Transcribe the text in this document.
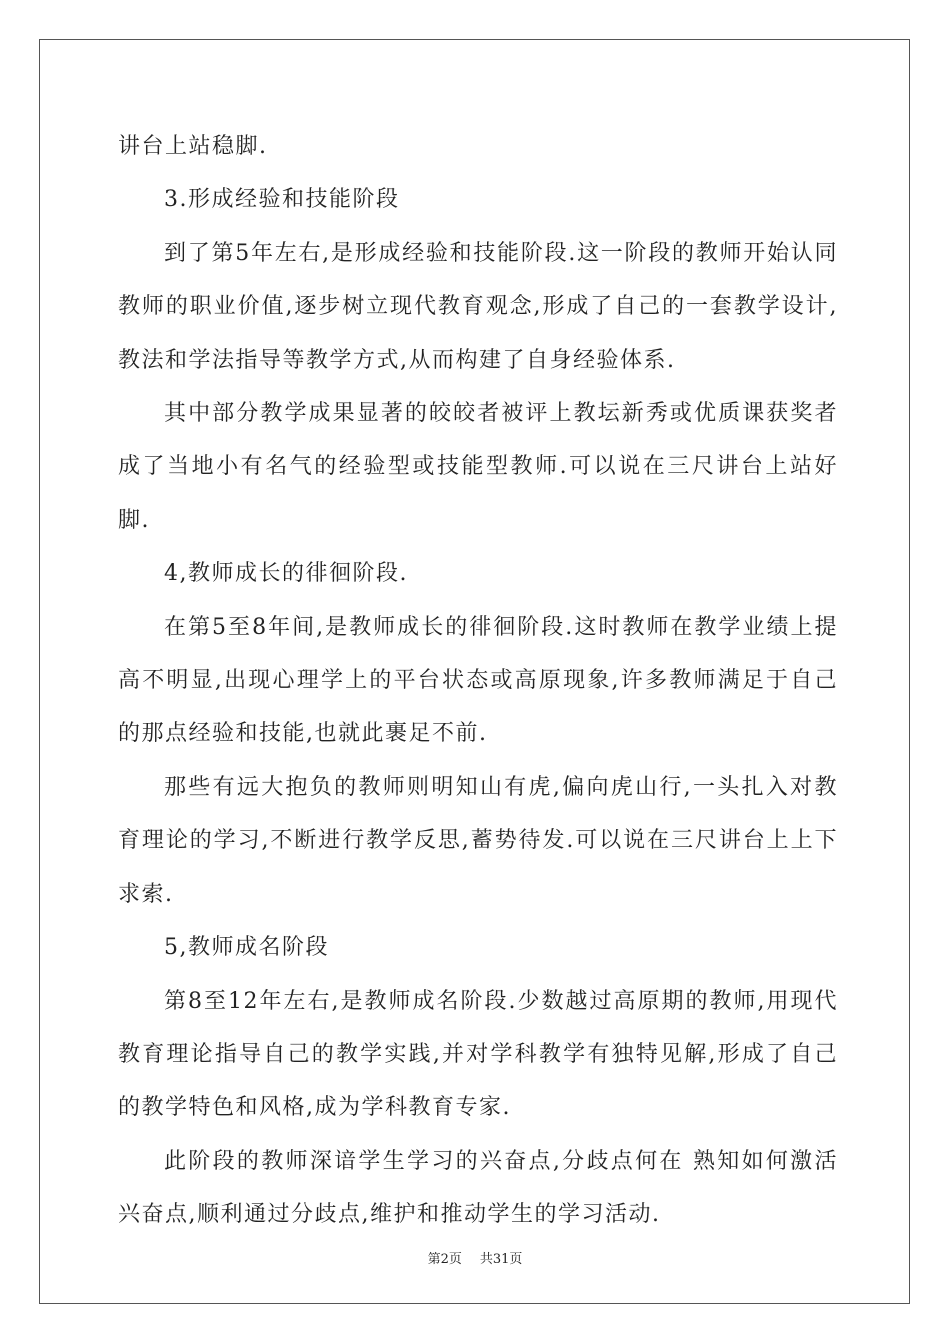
讲台上站稳脚.

3.形成经验和技能阶段

到了第5年左右,是形成经验和技能阶段.这一阶段的教师开始认同教师的职业价值,逐步树立现代教育观念,形成了自己的一套教学设计,教法和学法指导等教学方式,从而构建了自身经验体系.

其中部分教学成果显著的皎皎者被评上教坛新秀或优质课获奖者成了当地小有名气的经验型或技能型教师.可以说在三尺讲台上站好脚.

4,教师成长的徘徊阶段.

在第5至8年间,是教师成长的徘徊阶段.这时教师在教学业绩上提高不明显,出现心理学上的平台状态或高原现象,许多教师满足于自己的那点经验和技能,也就此裹足不前.

那些有远大抱负的教师则明知山有虎,偏向虎山行,一头扎入对教育理论的学习,不断进行教学反思,蓄势待发.可以说在三尺讲台上上下求索.

5,教师成名阶段

第8至12年左右,是教师成名阶段.少数越过高原期的教师,用现代教育理论指导自己的教学实践,并对学科教学有独特见解,形成了自己的教学特色和风格,成为学科教育专家.

此阶段的教师深谙学生学习的兴奋点,分歧点何在 熟知如何激活兴奋点,顺利通过分歧点,维护和推动学生的学习活动.

第2页 共31页
